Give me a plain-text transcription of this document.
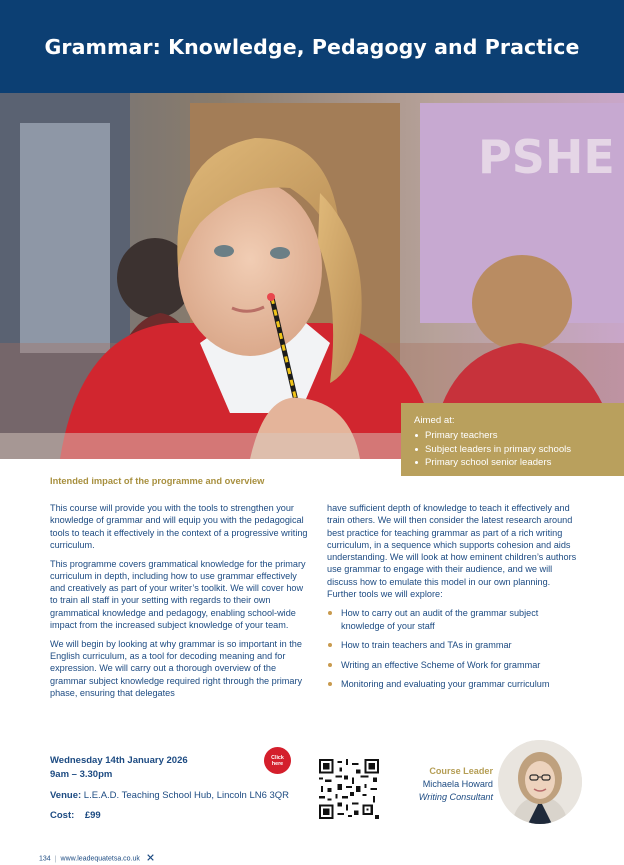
Grammar: Knowledge, Pedagogy and Practice
PSHE
Aimed at:
Primary teachers
Subject leaders in primary schools
Primary school senior leaders
Intended impact of the programme and overview

This course will provide you with the tools to strengthen your knowledge of grammar and will equip you with the pedagogical tools to teach it effectively in the context of a progressive writing curriculum.

This programme covers grammatical knowledge for the primary curriculum in depth, including how to use grammar effectively and creatively as part of your writer’s toolkit. We will cover how to train all staff in your setting with regards to their own grammatical knowledge and pedagogy, enabling school-wide impact from the increased subject knowledge of your team.

We will begin by looking at why grammar is so important in the English curriculum, as a tool for decoding meaning and for expression. We will carry out a thorough overview of the grammar subject knowledge required right through the primary phase, ensuring that delegates

have sufficient depth of knowledge to teach it effectively and train others. We will then consider the latest research around best practice for teaching grammar as part of a rich writing curriculum, in a sequence which supports cohesion and aids understanding. We will look at how eminent children’s authors use grammar to engage with their audience, and we will discuss how to emulate this model in our own planning. Further tools we will explore:

How to carry out an audit of the grammar subject knowledge of your staff
How to train teachers and TAs in grammar
Writing an effective Scheme of Work for grammar
Monitoring and evaluating your grammar curriculum
Wednesday 14th January 2026
9am – 3.30pm
Venue: L.E.A.D. Teaching School Hub, Lincoln LN6 3QR
Cost: £99
Click
here
Course Leader
Michaela Howard
Writing Consultant
134 | www.leadequatetsa.co.uk
